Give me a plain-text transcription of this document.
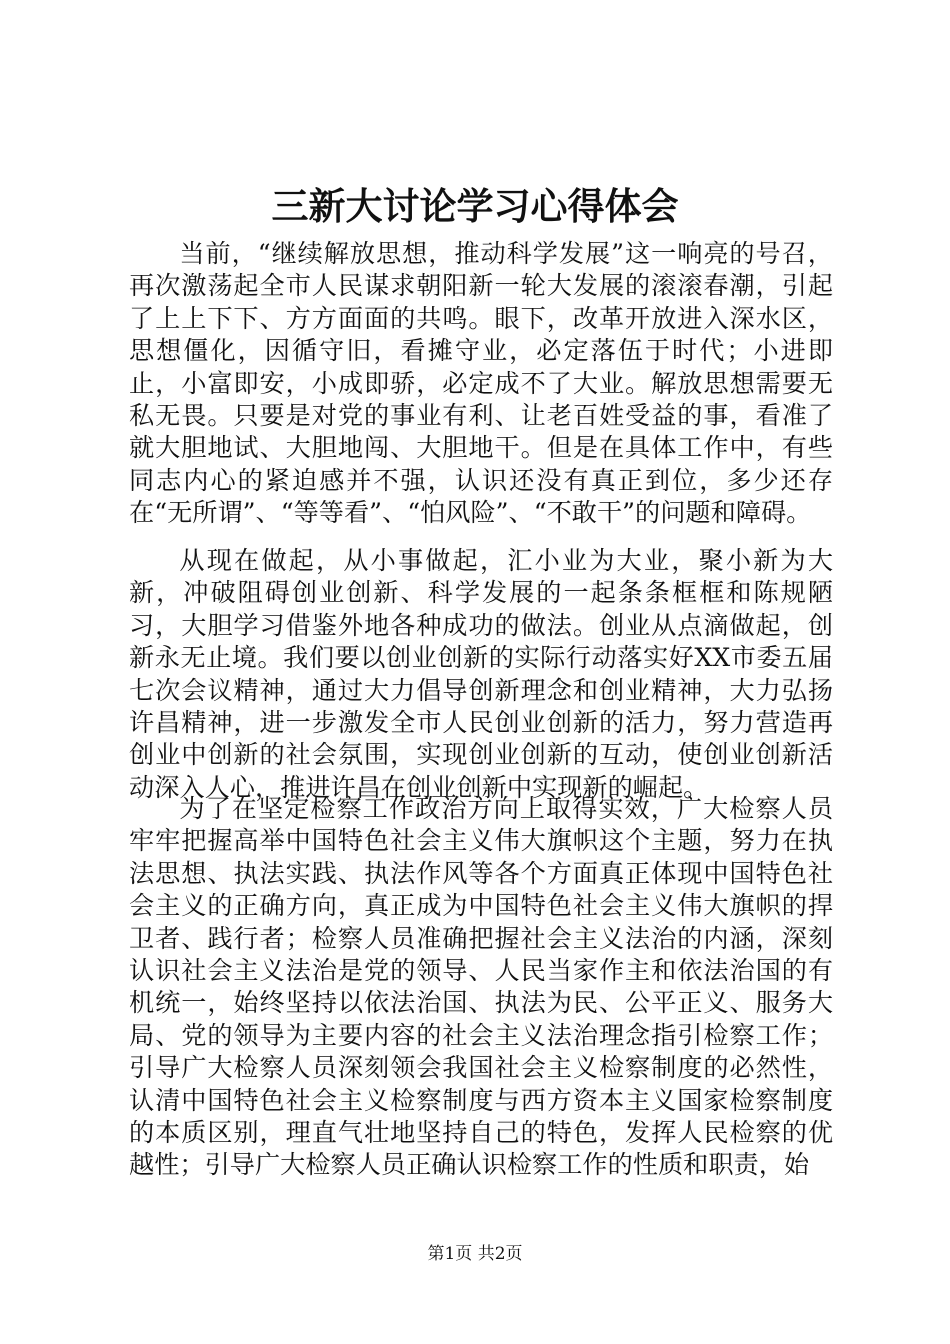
三新大讨论学习心得体会

当前，“继续解放思想，推动科学发展”这一响亮的号召，再次激荡起全市人民谋求朝阳新一轮大发展的滚滚春潮，引起了上上下下、方方面面的共鸣。眼下，改革开放进入深水区，思想僵化，因循守旧，看摊守业，必定落伍于时代；小进即止，小富即安，小成即骄，必定成不了大业。解放思想需要无私无畏。只要是对党的事业有利、让老百姓受益的事，看准了就大胆地试、大胆地闯、大胆地干。但是在具体工作中，有些同志内心的紧迫感并不强，认识还没有真正到位，多少还存在“无所谓”、“等等看”、“怕风险”、“不敢干”的问题和障碍。

从现在做起，从小事做起，汇小业为大业，聚小新为大新，冲破阻碍创业创新、科学发展的一起条条框框和陈规陋习，大胆学习借鉴外地各种成功的做法。创业从点滴做起，创新永无止境。我们要以创业创新的实际行动落实好XX市委五届七次会议精神，通过大力倡导创新理念和创业精神，大力弘扬许昌精神，进一步激发全市人民创业创新的活力，努力营造再创业中创新的社会氛围，实现创业创新的互动，使创业创新活动深入人心，推进许昌在创业创新中实现新的崛起。

为了在坚定检察工作政治方向上取得实效，广大检察人员牢牢把握高举中国特色社会主义伟大旗帜这个主题，努力在执法思想、执法实践、执法作风等各个方面真正体现中国特色社会主义的正确方向，真正成为中国特色社会主义伟大旗帜的捍卫者、践行者；检察人员准确把握社会主义法治的内涵，深刻认识社会主义法治是党的领导、人民当家作主和依法治国的有机统一，始终坚持以依法治国、执法为民、公平正义、服务大局、党的领导为主要内容的社会主义法治理念指引检察工作；引导广大检察人员深刻领会我国社会主义检察制度的必然性，认清中国特色社会主义检察制度与西方资本主义国家检察制度的本质区别，理直气壮地坚持自己的特色，发挥人民检察的优越性；引导广大检察人员正确认识检察工作的性质和职责，始

第1页 共2页
